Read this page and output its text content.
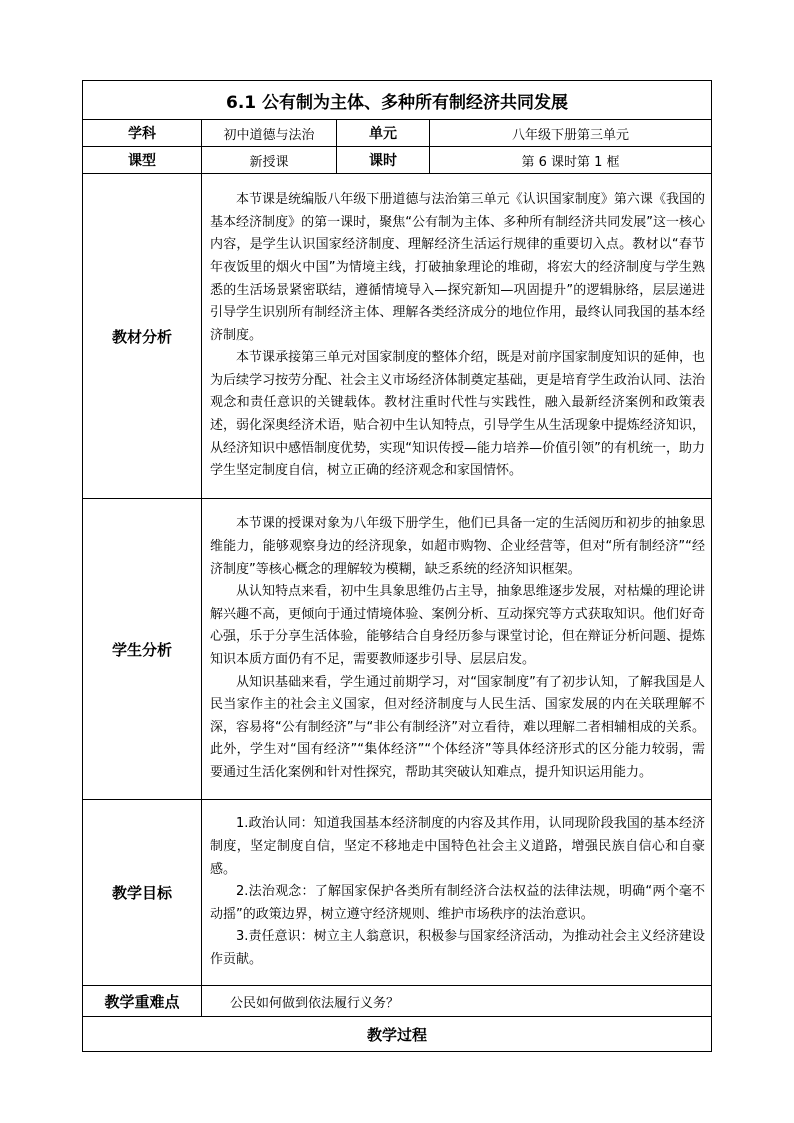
6.1 公有制为主体、多种所有制经济共同发展			
学科	初中道德与法治	单元	八年级下册第三单元
课型	新授课	课时	第 6 课时第 1 框
教材分析	本节课是统编版八年级下册道德与法治第三单元《认识国家制度》第六课《我国的基本经济制度》的第一课时，聚焦“公有制为主体、多种所有制经济共同发展”这一核心内容，是学生认识国家经济制度、理解经济生活运行规律的重要切入点。教材以“春节年夜饭里的烟火中国”为情境主线，打破抽象理论的堆砌，将宏大的经济制度与学生熟悉的生活场景紧密联结，遵循情境导入—探究新知—巩固提升”的逻辑脉络，层层递进引导学生识别所有制经济主体、理解各类经济成分的地位作用，最终认同我国的基本经济制度。

本节课承接第三单元对国家制度的整体介绍，既是对前序国家制度知识的延伸，也为后续学习按劳分配、社会主义市场经济体制奠定基础，更是培育学生政治认同、法治观念和责任意识的关键载体。教材注重时代性与实践性，融入最新经济案例和政策表述，弱化深奥经济术语，贴合初中生认知特点，引导学生从生活现象中提炼经济知识，从经济知识中感悟制度优势，实现“知识传授—能力培养—价值引领”的有机统一，助力学生坚定制度自信，树立正确的经济观念和家国情怀。		

学生分析	本节课的授课对象为八年级下册学生，他们已具备一定的生活阅历和初步的抽象思维能力，能够观察身边的经济现象，如超市购物、企业经营等，但对“所有制经济”“经济制度”等核心概念的理解较为模糊，缺乏系统的经济知识框架。

从认知特点来看，初中生具象思维仍占主导，抽象思维逐步发展，对枯燥的理论讲解兴趣不高，更倾向于通过情境体验、案例分析、互动探究等方式获取知识。他们好奇心强，乐于分享生活体验，能够结合自身经历参与课堂讨论，但在辩证分析问题、提炼知识本质方面仍有不足，需要教师逐步引导、层层启发。

从知识基础来看，学生通过前期学习，对“国家制度”有了初步认知，了解我国是人民当家作主的社会主义国家，但对经济制度与人民生活、国家发展的内在关联理解不深，容易将“公有制经济”与“非公有制经济”对立看待，难以理解二者相辅相成的关系。此外，学生对“国有经济”“集体经济”“个体经济”等具体经济形式的区分能力较弱，需要通过生活化案例和针对性探究，帮助其突破认知难点，提升知识运用能力。		

教学目标	1.政治认同：知道我国基本经济制度的内容及其作用，认同现阶段我国的基本经济制度，坚定制度自信，坚定不移地走中国特色社会主义道路，增强民族自信心和自豪感。

2.法治观念：了解国家保护各类所有制经济合法权益的法律法规，明确“两个毫不动摇”的政策边界，树立遵守经济规则、维护市场秩序的法治意识。

3.责任意识：树立主人翁意识，积极参与国家经济活动，为推动社会主义经济建设作贡献。		

教学重难点	公民如何做到依法履行义务？		
教学过程			
